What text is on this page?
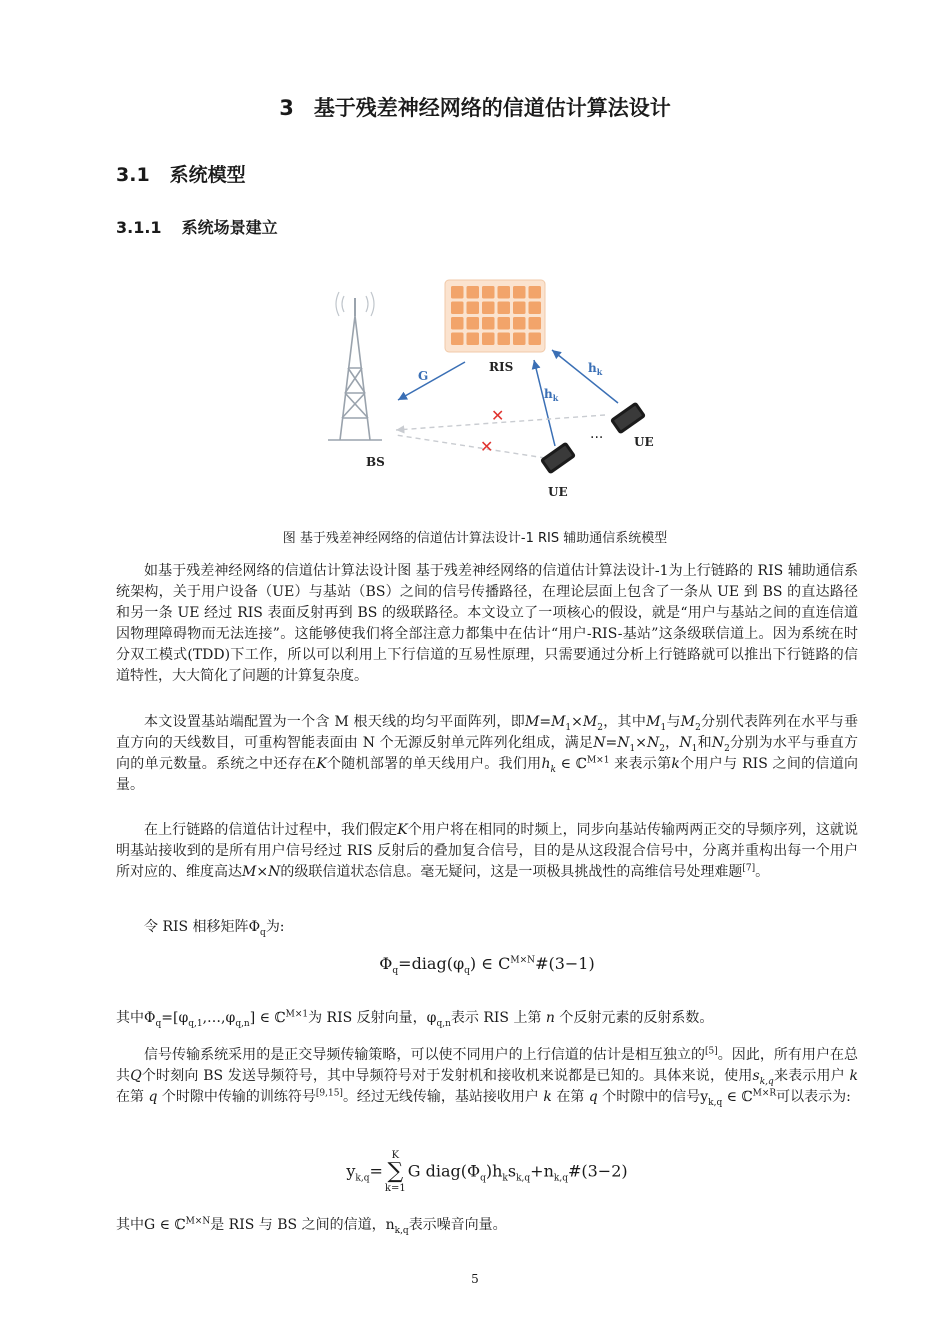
3 基于残差神经网络的信道估计算法设计
3.1 系统模型
3.1.1 系统场景建立
RIS
BS
G
$h_k$
$h_k$
✕
✕	···
UE
UE
图 基于残差神经网络的信道估计算法设计-1 RIS 辅助通信系统模型
如基于残差神经网络的信道估计算法设计图 基于残差神经网络的信道估计算法设计-1为上行链路的 RIS 辅助通信系统架构，关于用户设备（UE）与基站（BS）之间的信号传播路径，在理论层面上包含了一条从 UE 到 BS 的直达路径和另一条 UE 经过 RIS 表面反射再到 BS 的级联路径。本文设立了一项核心的假设，就是“用户与基站之间的直连信道因物理障碍物而无法连接”。这能够使我们将全部注意力都集中在估计“用户-RIS-基站”这条级联信道上。因为系统在时分双工模式(TDD)下工作，所以可以利用上下行信道的互易性原理，只需要通过分析上行链路就可以推出下行链路的信道特性，大大简化了问题的计算复杂度。
本文设置基站端配置为一个含 M 根天线的均匀平面阵列，即$M=M_1\times M_2$，其中$M_1$与$M_2$分别代表阵列在水平与垂直方向的天线数目，可重构智能表面由 N 个无源反射单元阵列化组成，满足$N=N_1\times N_2$，$N_1$和$N_2$分别为水平与垂直方向的单元数量。系统之中还存在K个随机部署的单天线用户。我们用$h_k$ ∈ ℂ$^{M\times 1}$ 来表示第k个用户与 RIS 之间的信道向量。
在上行链路的信道估计过程中，我们假定K个用户将在相同的时频上，同步向基站传输两两正交的导频序列，这就说明基站接收到的是所有用户信号经过 RIS 反射后的叠加复合信号，目的是从这段混合信号中，分离并重构出每一个用户所对应的、维度高达M×N的级联信道状态信息。毫无疑问，这是一项极具挑战性的高维信号处理难题[7]。
令 RIS 相移矩阵$\Phi_q$为:
$\Phi_q=diag(\varphi_q)$ ∈ $C^{M\times N}\#(3-1)$
其中$\Phi_q=[\varphi_{q,1},\dots,\varphi_{q,n}]$ ∈ ℂ$^{M\times 1}$为 RIS 反射向量，$\varphi_{q,n}$表示 RIS 上第 n 个反射元素的反射系数。
信号传输系统采用的是正交导频传输策略，可以使不同用户的上行信道的估计是相互独立的[5]。因此，所有用户在总共Q个时刻向 BS 发送导频符号，其中导频符号对于发射机和接收机来说都是已知的。具体来说，使用$s_{k,q}$来表示用户 k 在第 q 个时隙中传输的训练符号[9,15]。经过无线传输，基站接收用户 k 在第 q 个时隙中的信号$y_{k,q}$ ∈ ℂ$^{M\times R}$可以表示为:
$y_{k,q}=K$
∑
k=1G $diag(\Phi_q)h_ks_{k,q}+n_{k,q}\#(3-2)$
其中G ∈ ℂ$^{M\times N}$是 RIS 与 BS 之间的信道，$n_{k,q}$表示噪音向量。
5
